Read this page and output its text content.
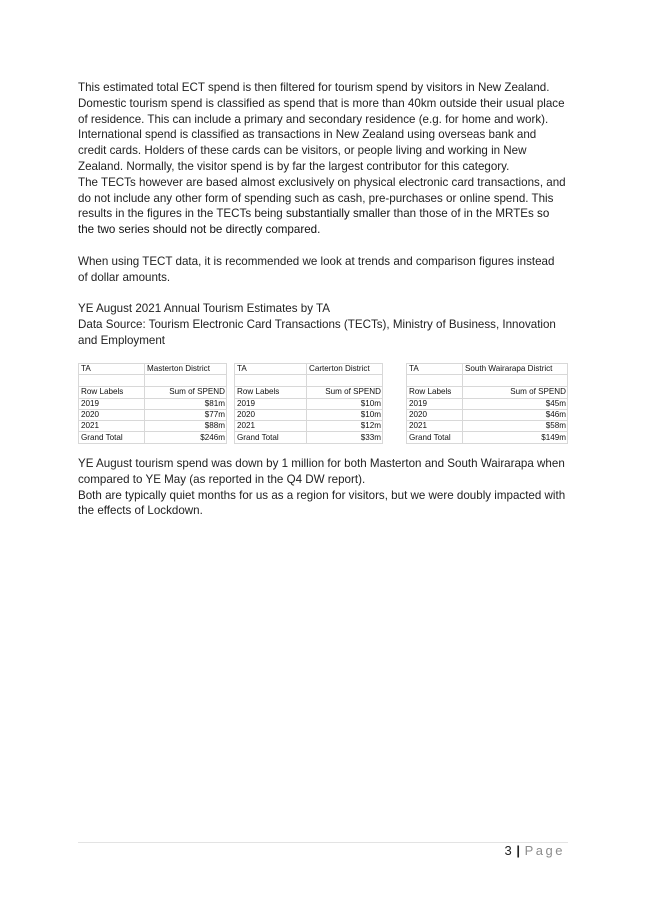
This estimated total ECT spend is then filtered for tourism spend by visitors in New Zealand. Domestic tourism spend is classified as spend that is more than 40km outside their usual place of residence. This can include a primary and secondary residence (e.g. for home and work). International spend is classified as transactions in New Zealand using overseas bank and credit cards. Holders of these cards can be visitors, or people living and working in New Zealand. Normally, the visitor spend is by far the largest contributor for this category.

The TECTs however are based almost exclusively on physical electronic card transactions, and do not include any other form of spending such as cash, pre-purchases or online spend. This results in the figures in the TECTs being substantially smaller than those of in the MRTEs so the two series should not be directly compared.

When using TECT data, it is recommended we look at trends and comparison figures instead of dollar amounts.

YE August 2021 Annual Tourism Estimates by TA

Data Source: Tourism Electronic Card Transactions (TECTs), Ministry of Business, Innovation and Employment

TA	Masterton District

Row Labels	Sum of SPEND
2019	$81m
2020	$77m
2021	$88m
Grand Total	$246m
TA	Carterton District

Row Labels	Sum of SPEND
2019	$10m
2020	$10m
2021	$12m
Grand Total	$33m
TA	South Wairarapa District

Row Labels	Sum of SPEND
2019	$45m
2020	$46m
2021	$58m
Grand Total	$149m

YE August tourism spend was down by 1 million for both Masterton and South Wairarapa when compared to YE May (as reported in the Q4 DW report).

Both are typically quiet months for us as a region for visitors, but we were doubly impacted with the effects of Lockdown.

3 | Page
